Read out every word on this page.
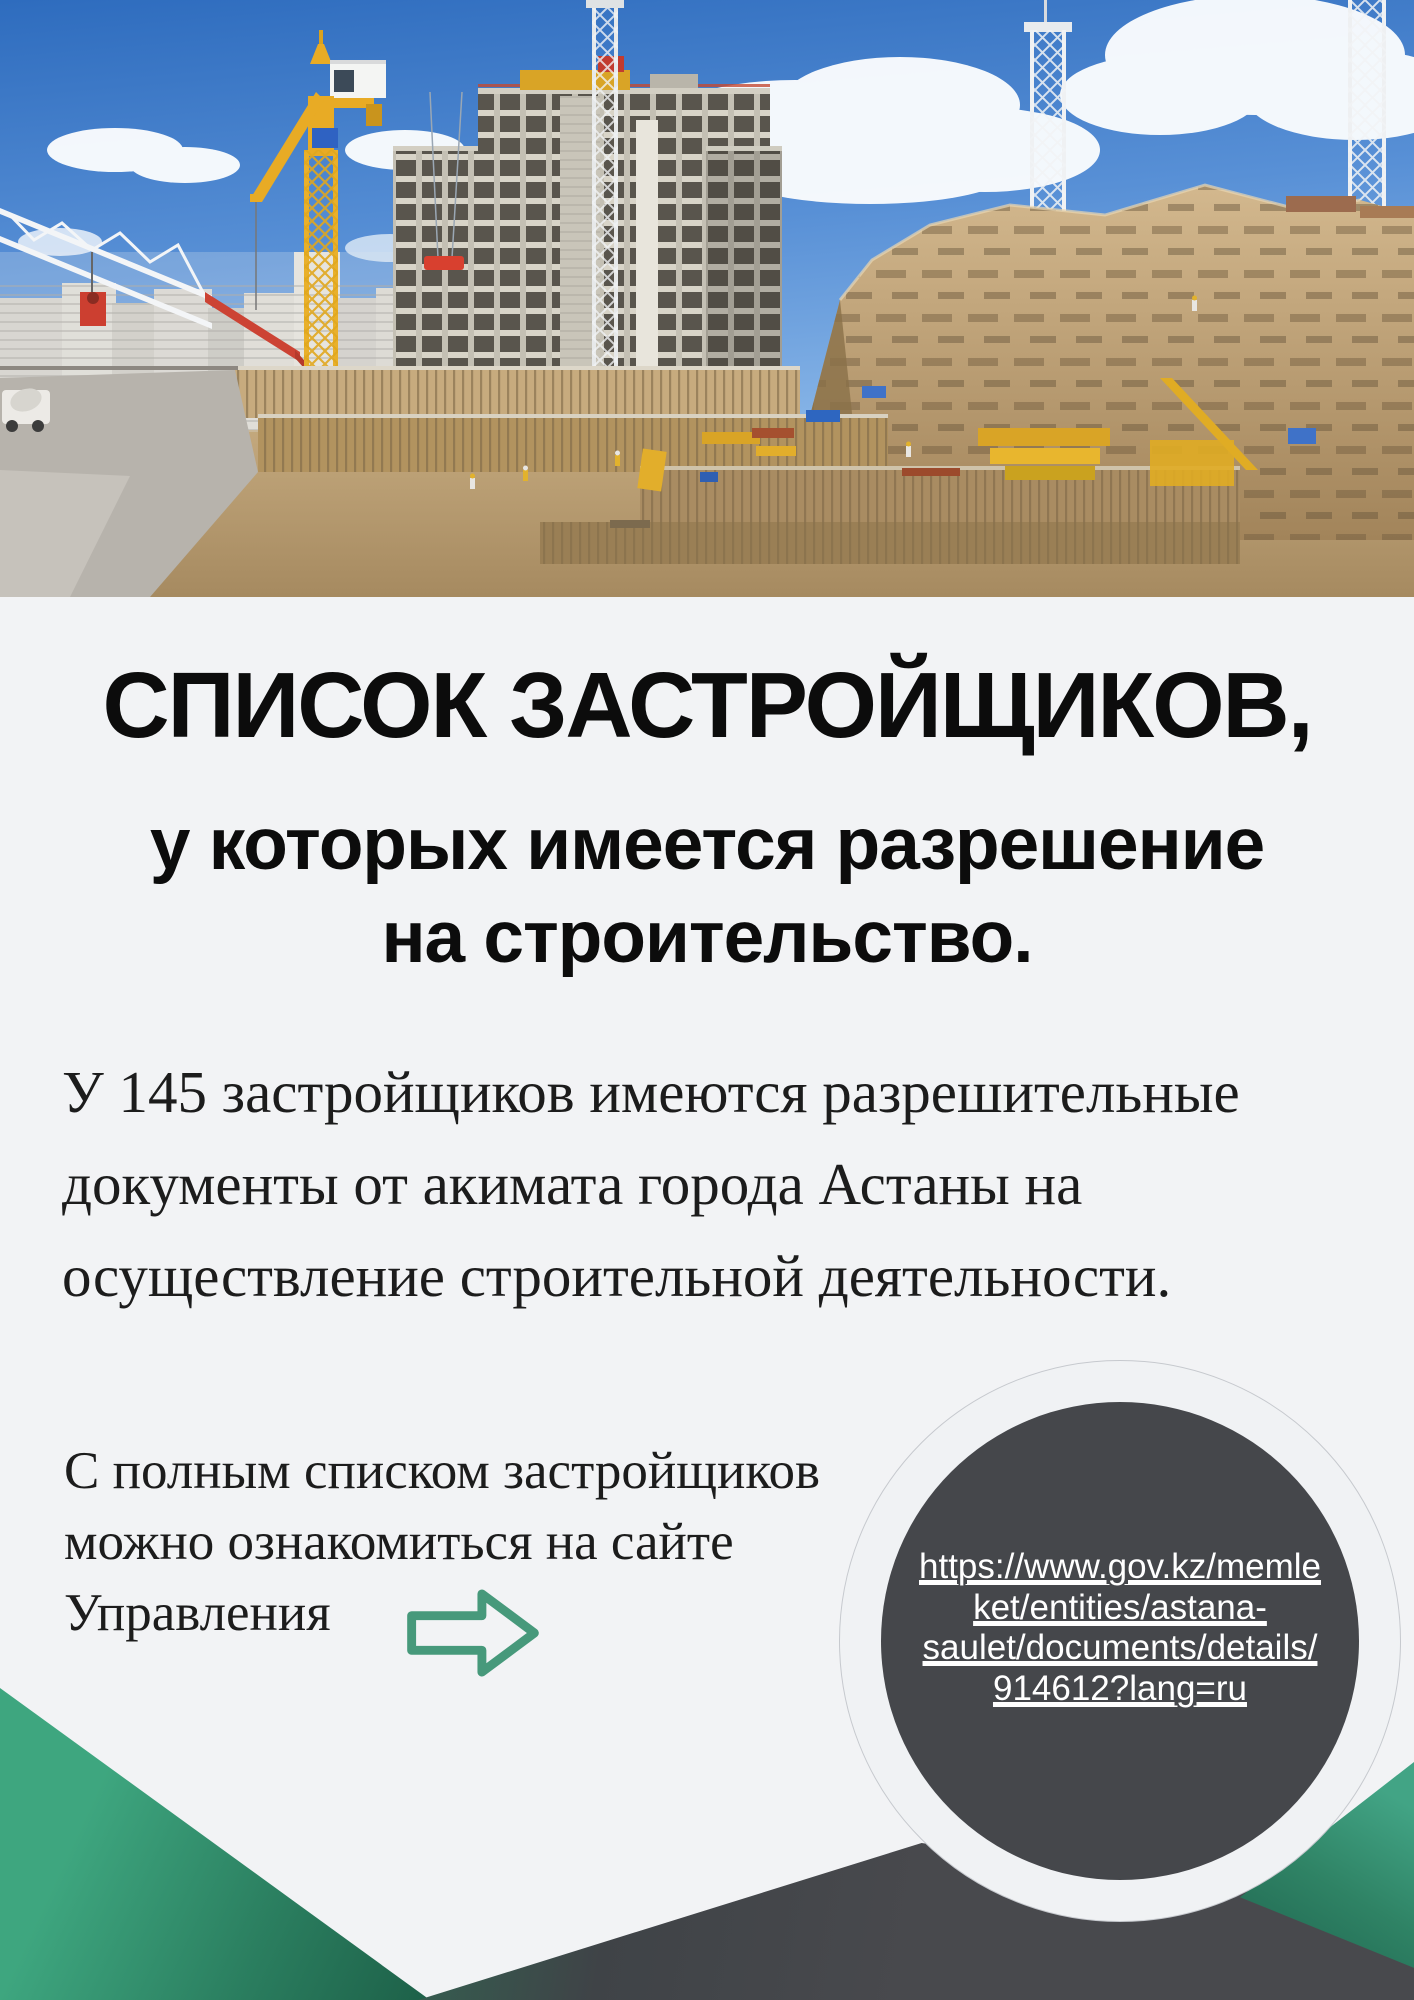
СПИСОК ЗАСТРОЙЩИКОВ,
у которых имеется разрешение
на строительство.
У 145 застройщиков имеются разрешительные
документы от акимата города Астаны на
осуществление строительной деятельности.
С полным списком застройщиков
можно ознакомиться на сайте
Управления
https://www.gov.kz/memle
ket/entities/astana-
saulet/documents/details/
914612?lang=ru
